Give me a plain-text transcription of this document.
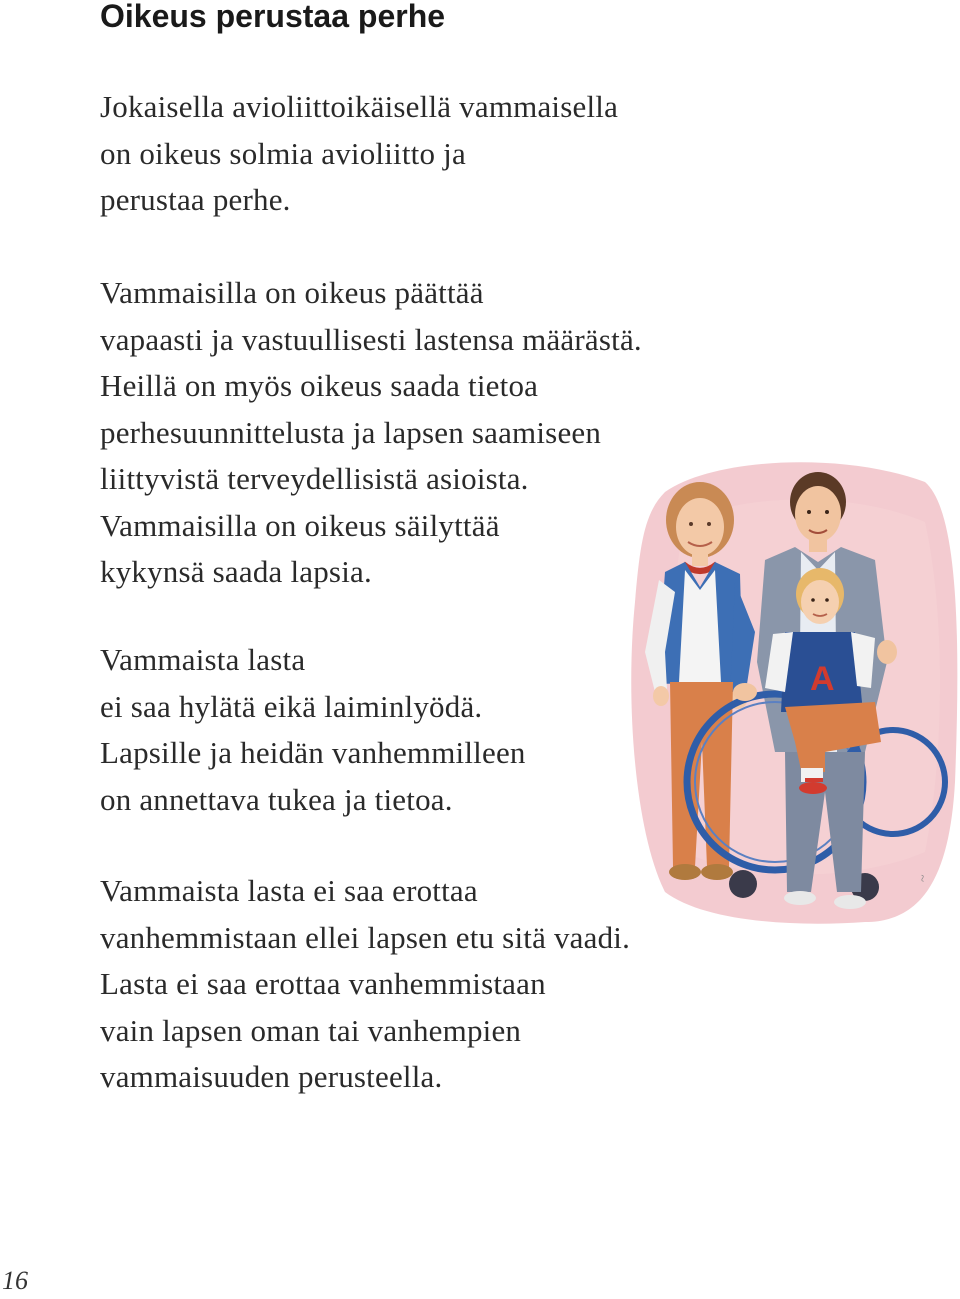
Oikeus perustaa perhe
Jokaisella avioliittoikäisellä vammaisella
on oikeus solmia avioliitto ja
perustaa perhe.
Vammaisilla on oikeus päättää
vapaasti ja vastuullisesti lastensa määrästä.
Heillä on myös oikeus saada tietoa
perhesuunnittelusta ja lapsen saamiseen
liittyvistä terveydellisistä asioista.
Vammaisilla on oikeus säilyttää
kykynsä saada lapsia.
A
~
Vammaista lasta
ei saa hylätä eikä laiminlyödä.
Lapsille ja heidän vanhemmilleen
on annettava tukea ja tietoa.
Vammaista lasta ei saa erottaa
vanhemmistaan ellei lapsen etu sitä vaadi.
Lasta ei saa erottaa vanhemmistaan
vain lapsen oman tai vanhempien
vammaisuuden perusteella.
16
